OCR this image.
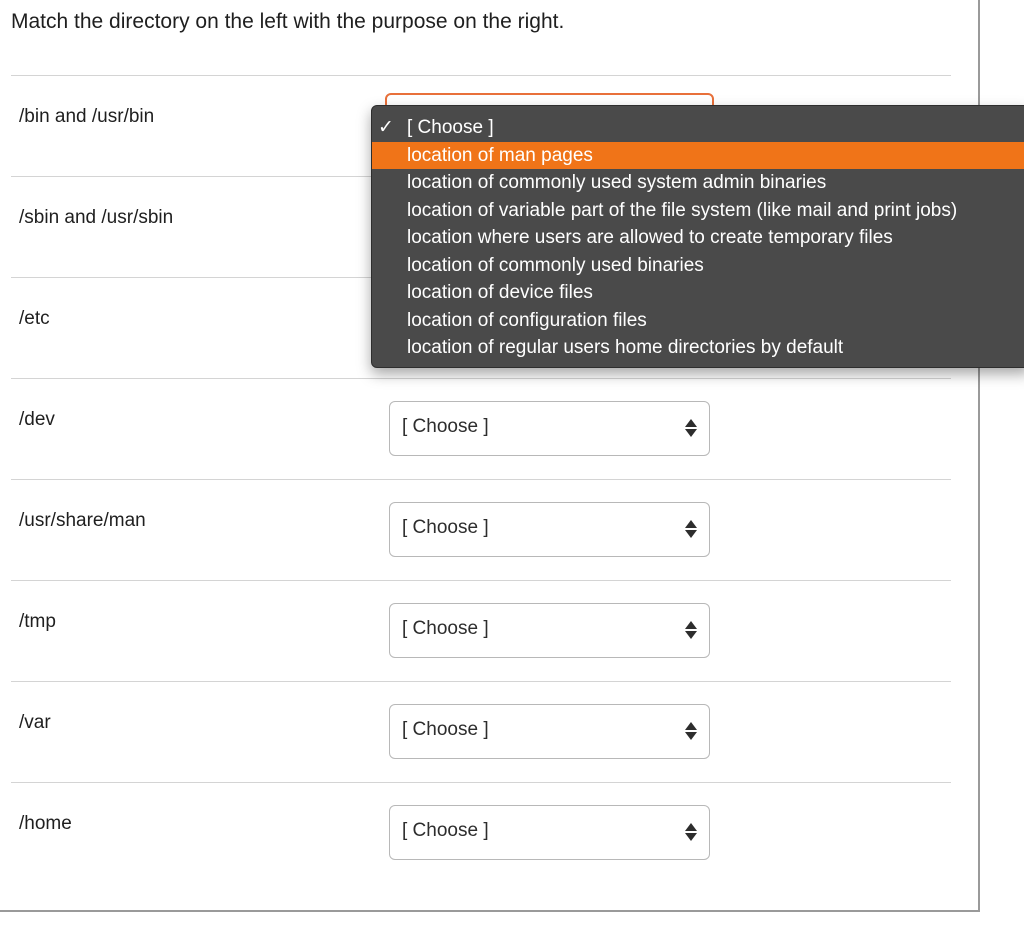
Match the directory on the left with the purpose on the right.
/bin and /usr/bin
/sbin and /usr/sbin
/etc
/dev	[ Choose ]
/usr/share/man	[ Choose ]
/tmp	[ Choose ]
/var	[ Choose ]
/home	[ Choose ]
✓ [ Choose ]
location of man pages
location of commonly used system admin binaries
location of variable part of the file system (like mail and print jobs)
location where users are allowed to create temporary files
location of commonly used binaries
location of device files
location of configuration files
location of regular users home directories by default
